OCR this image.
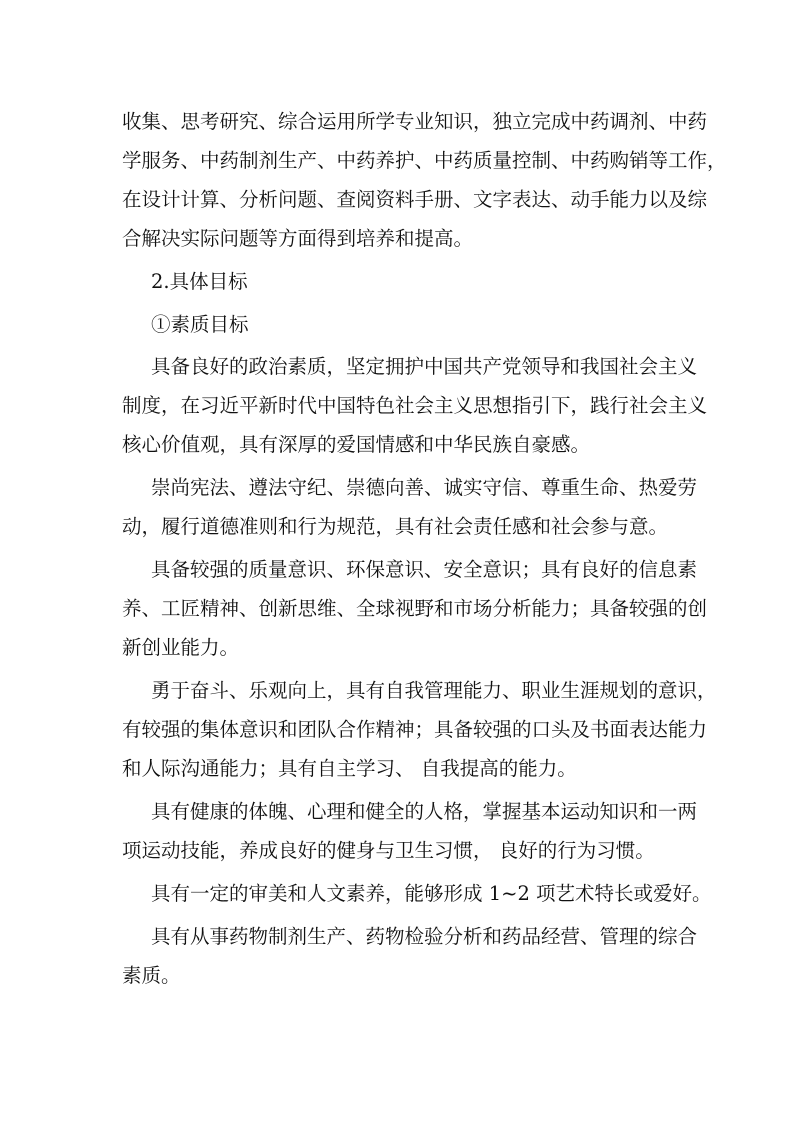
收集、思考研究、综合运用所学专业知识，独立完成中药调剂、中药
学服务、中药制剂生产、中药养护、中药质量控制、中药购销等工作，
在设计计算、分析问题、查阅资料手册、文字表达、动手能力以及综
合解决实际问题等方面得到培养和提高。
2.具体目标
①素质目标
具备良好的政治素质，坚定拥护中国共产党领导和我国社会主义
制度，在习近平新时代中国特色社会主义思想指引下，践行社会主义
核心价值观，具有深厚的爱国情感和中华民族自豪感。
崇尚宪法、遵法守纪、崇德向善、诚实守信、尊重生命、热爱劳
动，履行道德准则和行为规范，具有社会责任感和社会参与意。
具备较强的质量意识、环保意识、安全意识；具有良好的信息素
养、工匠精神、创新思维、全球视野和市场分析能力；具备较强的创
新创业能力。
勇于奋斗、乐观向上，具有自我管理能力、职业生涯规划的意识，
有较强的集体意识和团队合作精神；具备较强的口头及书面表达能力
和人际沟通能力；具有自主学习、 自我提高的能力。
具有健康的体魄、心理和健全的人格，掌握基本运动知识和一两
项运动技能，养成良好的健身与卫生习惯， 良好的行为习惯。
具有一定的审美和人文素养，能够形成 1~2 项艺术特长或爱好。
具有从事药物制剂生产、药物检验分析和药品经营、管理的综合
素质。
